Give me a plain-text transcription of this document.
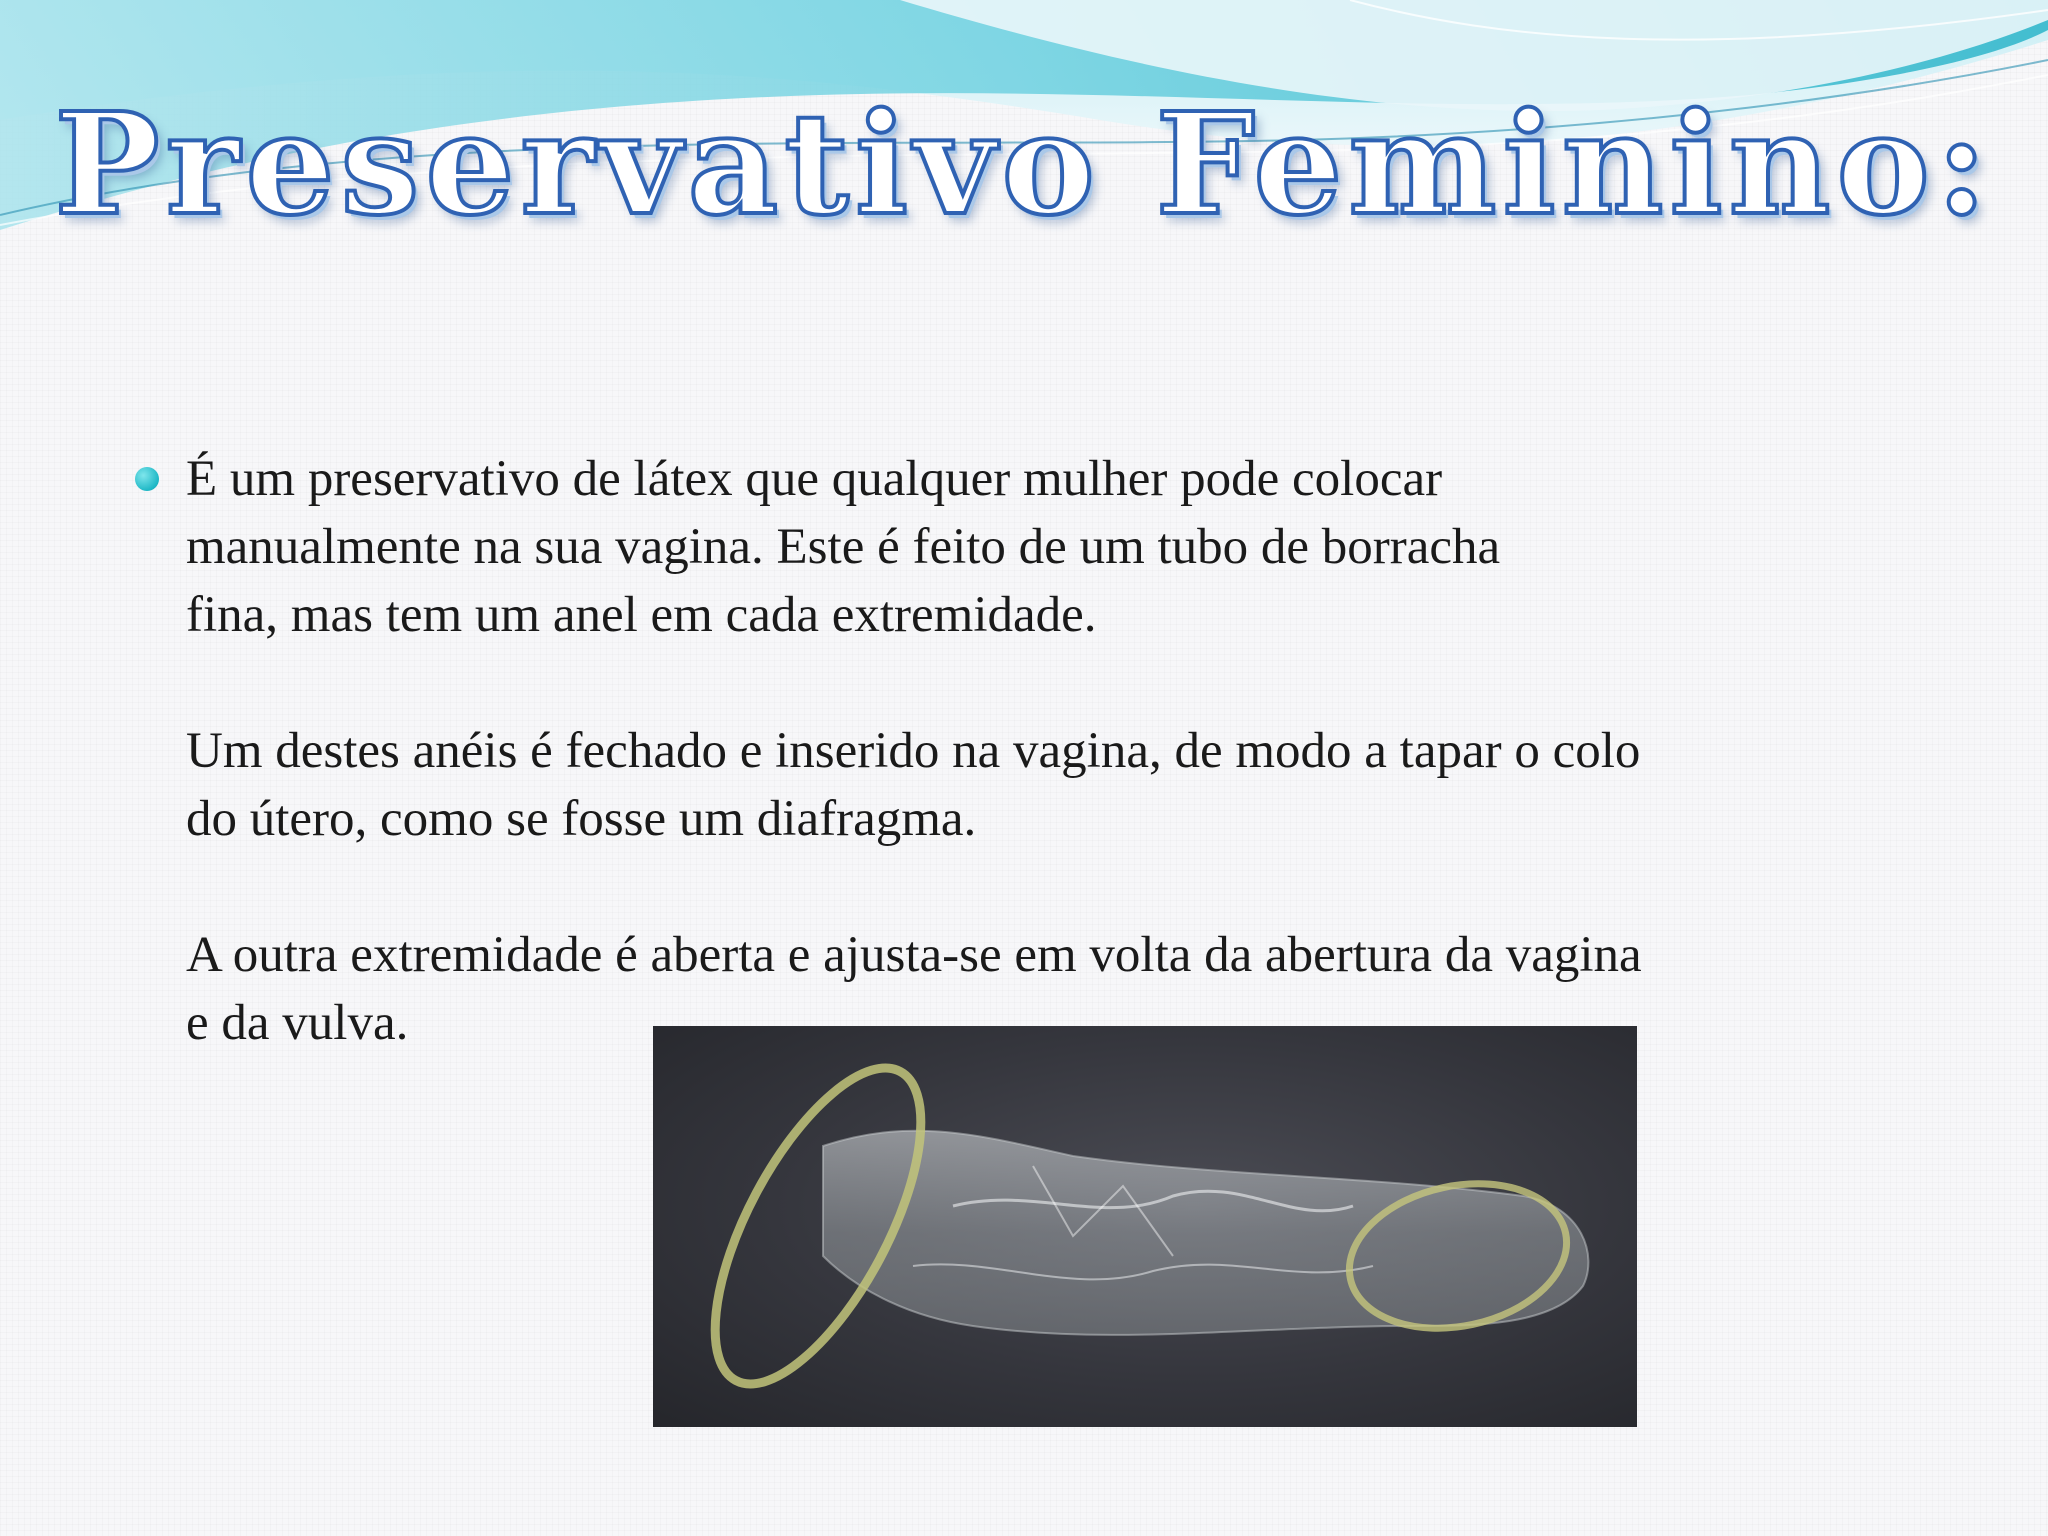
Preservativo Feminino:

É um preservativo de látex que qualquer mulher pode colocar
manualmente na sua vagina. Este é feito de um tubo de borracha
fina, mas tem um anel em cada extremidade.

Um destes anéis é fechado e inserido na vagina, de modo a tapar o colo
do útero, como se fosse um diafragma.

A outra extremidade é aberta e ajusta-se em volta da abertura da vagina
e da vulva.
